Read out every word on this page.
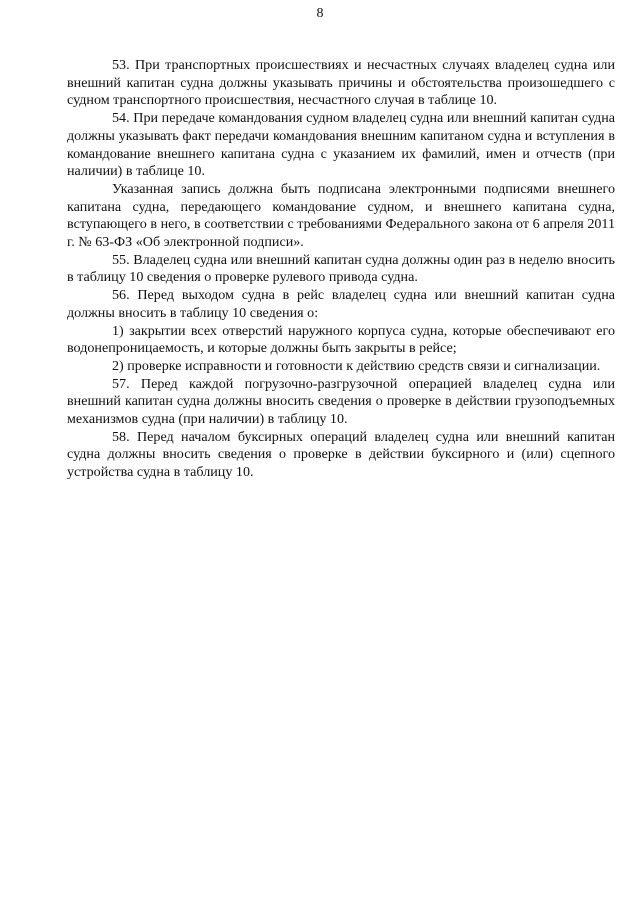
8

53. При транспортных происшествиях и несчастных случаях владелец судна или внешний капитан судна должны указывать причины и обстоятельства произошедшего с судном транспортного происшествия, несчастного случая в таблице 10.

54. При передаче командования судном владелец судна или внешний капитан судна должны указывать факт передачи командования внешним капитаном судна и вступления в командование внешнего капитана судна с указанием их фамилий, имен и отчеств (при наличии) в таблице 10.

Указанная запись должна быть подписана электронными подписями внешнего капитана судна, передающего командование судном, и внешнего капитана судна, вступающего в него, в соответствии с требованиями Федерального закона от 6 апреля 2011 г. № 63-ФЗ «Об электронной подписи».

55. Владелец судна или внешний капитан судна должны один раз в неделю вносить в таблицу 10 сведения о проверке рулевого привода судна.

56. Перед выходом судна в рейс владелец судна или внешний капитан судна должны вносить в таблицу 10 сведения о:

1) закрытии всех отверстий наружного корпуса судна, которые обеспечивают его водонепроницаемость, и которые должны быть закрыты в рейсе;

2) проверке исправности и готовности к действию средств связи и сигнализации.

57. Перед каждой погрузочно-разгрузочной операцией владелец судна или внешний капитан судна должны вносить сведения о проверке в действии грузоподъемных механизмов судна (при наличии) в таблицу 10.

58. Перед началом буксирных операций владелец судна или внешний капитан судна должны вносить сведения о проверке в действии буксирного и (или) сцепного устройства судна в таблицу 10.
